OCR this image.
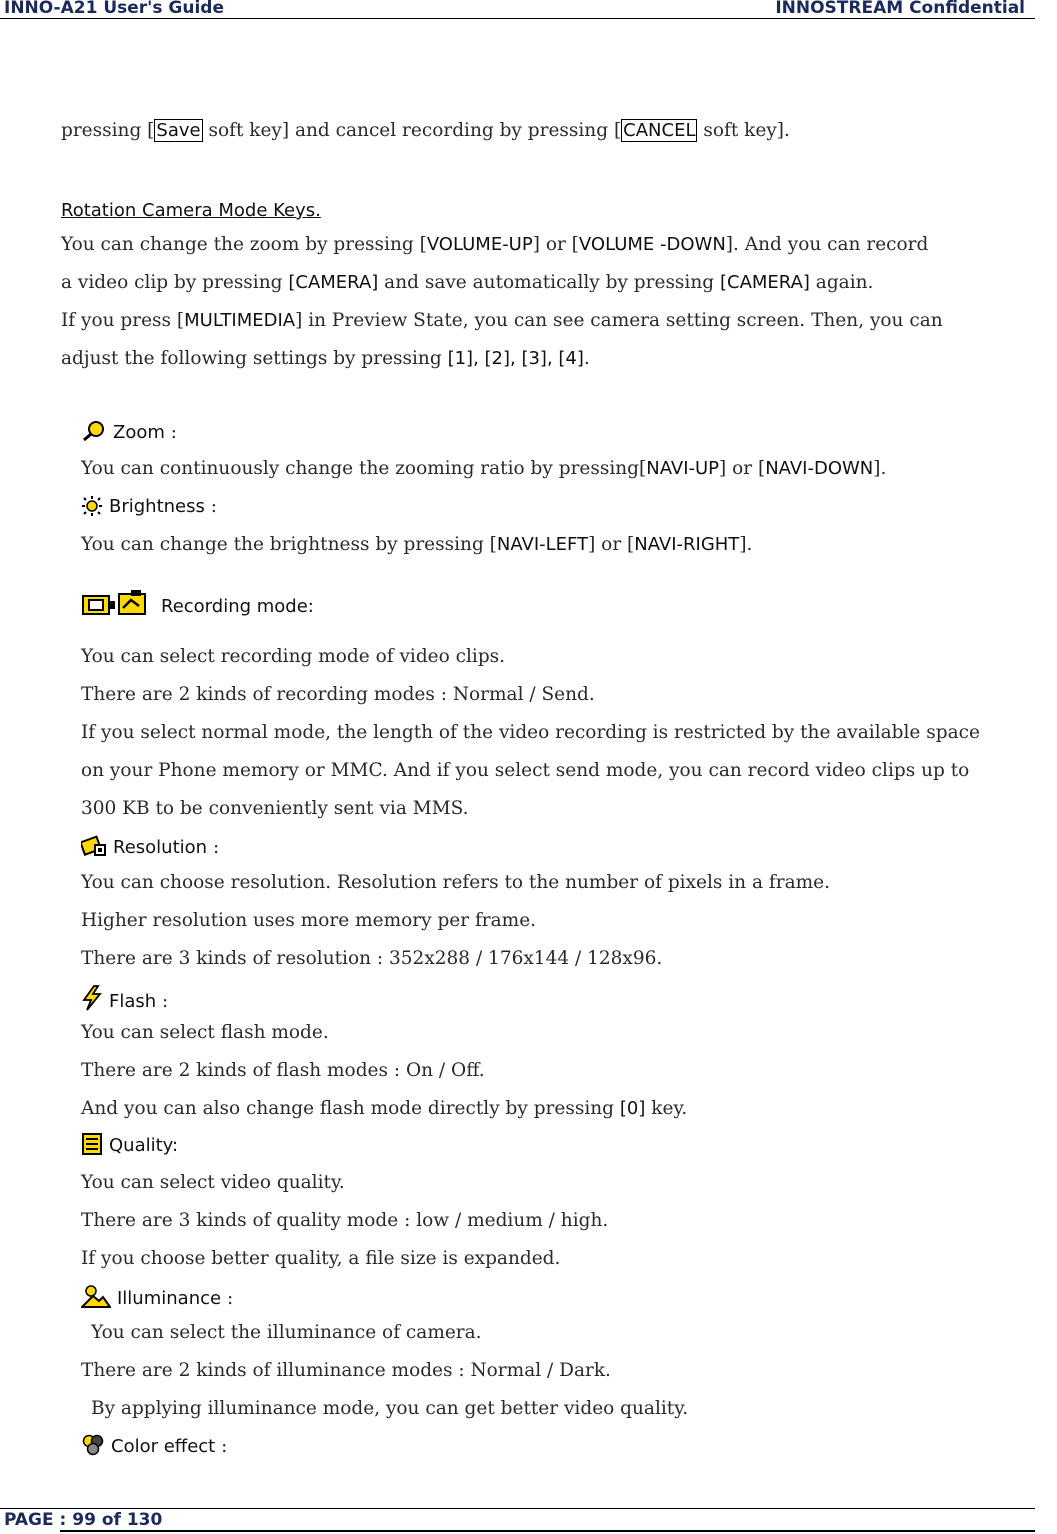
INNO-A21 User's Guide	INNOSTREAM Confidential
pressing [ Save soft key] and cancel recording by pressing [ CANCEL soft key].
Rotation Camera Mode Keys.
You can change the zoom by pressing [VOLUME-UP] or [VOLUME -DOWN]. And you can record
a video clip by pressing [CAMERA] and save automatically by pressing [CAMERA] again.
If you press [MULTIMEDIA] in Preview State, you can see camera setting screen. Then, you can
adjust the following settings by pressing [1], [2], [3], [4].
Zoom :
You can continuously change the zooming ratio by pressing[NAVI-UP] or [NAVI-DOWN].
Brightness :
You can change the brightness by pressing [NAVI-LEFT] or [NAVI-RIGHT].
Recording mode:
You can select recording mode of video clips.
There are 2 kinds of recording modes : Normal / Send.
If you select normal mode, the length of the video recording is restricted by the available space
on your Phone memory or MMC. And if you select send mode, you can record video clips up to
300 KB to be conveniently sent via MMS.
Resolution :
You can choose resolution. Resolution refers to the number of pixels in a frame.
Higher resolution uses more memory per frame.
There are 3 kinds of resolution : 352x288 / 176x144 / 128x96.
Flash :
You can select flash mode.
There are 2 kinds of flash modes : On / Off.
And you can also change flash mode directly by pressing [0] key.
Quality:
You can select video quality.
There are 3 kinds of quality mode : low / medium / high.
If you choose better quality, a file size is expanded.
Illuminance :
You can select the illuminance of camera.
There are 2 kinds of illuminance modes : Normal / Dark.
By applying illuminance mode, you can get better video quality.
Color effect :
PAGE : 99 of 130
